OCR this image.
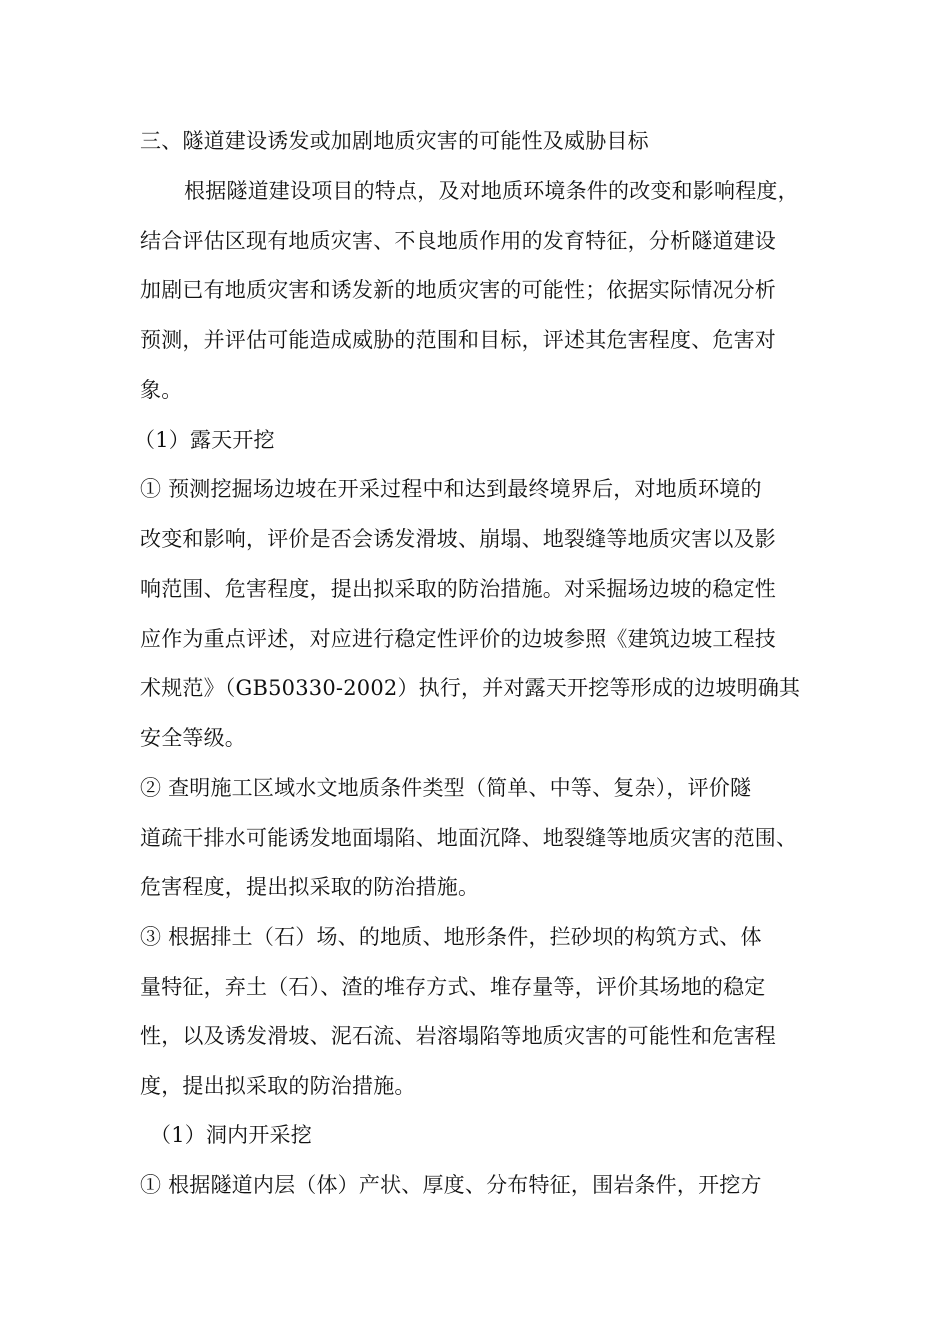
三、隧道建设诱发或加剧地质灾害的可能性及威胁目标
根据隧道建设项目的特点，及对地质环境条件的改变和影响程度，
结合评估区现有地质灾害、不良地质作用的发育特征，分析隧道建设
加剧已有地质灾害和诱发新的地质灾害的可能性；依据实际情况分析
预测，并评估可能造成威胁的范围和目标，评述其危害程度、危害对
象。
（1）露天开挖
① 预测挖掘场边坡在开采过程中和达到最终境界后，对地质环境的
改变和影响，评价是否会诱发滑坡、崩塌、地裂缝等地质灾害以及影
响范围、危害程度，提出拟采取的防治措施。对采掘场边坡的稳定性
应作为重点评述，对应进行稳定性评价的边坡参照《建筑边坡工程技
术规范》（GB50330-2002）执行，并对露天开挖等形成的边坡明确其
安全等级。
② 查明施工区域水文地质条件类型（简单、中等、复杂），评价隧
道疏干排水可能诱发地面塌陷、地面沉降、地裂缝等地质灾害的范围、
危害程度，提出拟采取的防治措施。
③ 根据排土（石）场、的地质、地形条件，拦砂坝的构筑方式、体
量特征，弃土（石）、渣的堆存方式、堆存量等，评价其场地的稳定
性，以及诱发滑坡、泥石流、岩溶塌陷等地质灾害的可能性和危害程
度，提出拟采取的防治措施。
（1）洞内开采挖
① 根据隧道内层（体）产状、厚度、分布特征，围岩条件，开挖方
